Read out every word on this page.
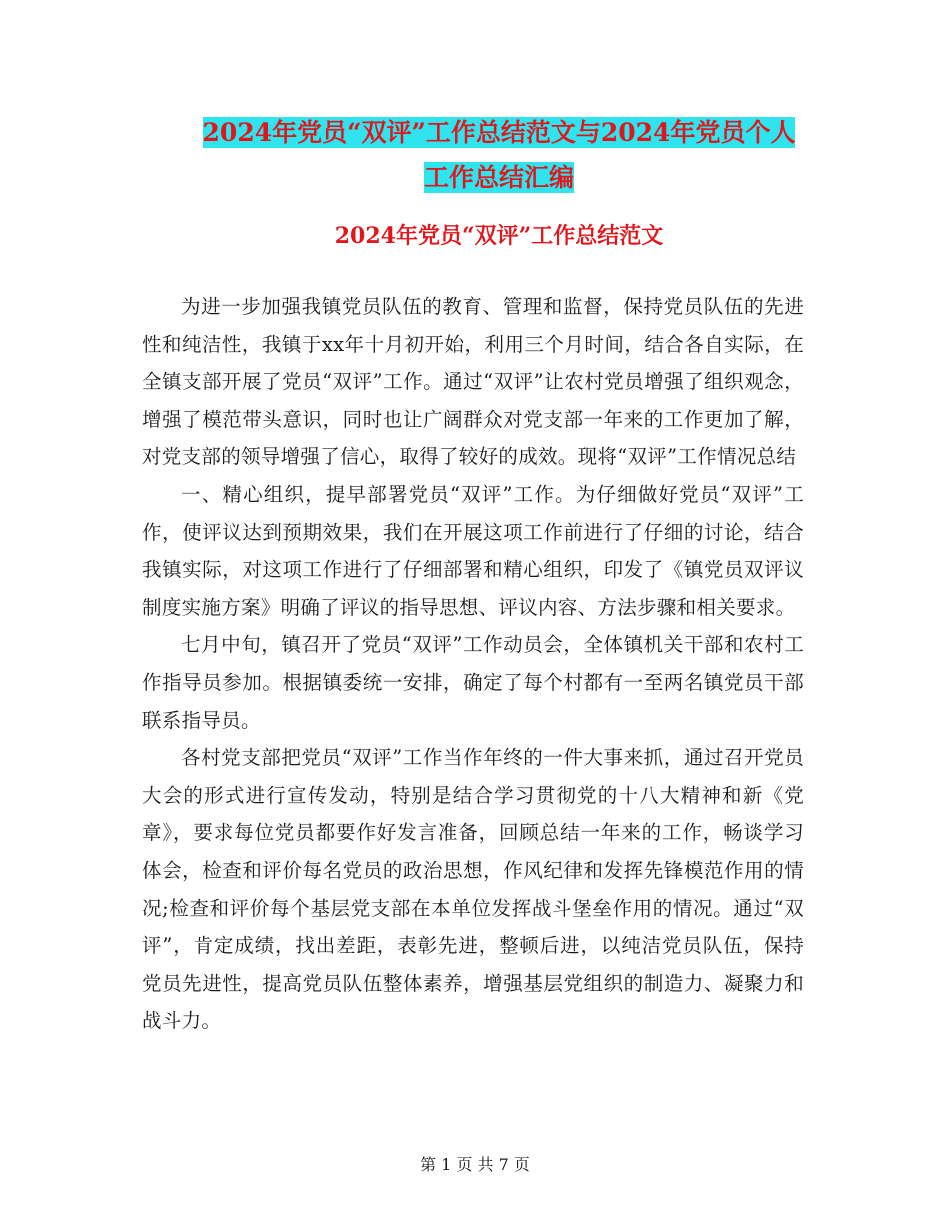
2024年党员“双评”工作总结范文与2024年党员个人
工作总结汇编
2024年党员“双评”工作总结范文

为进一步加强我镇党员队伍的教育、管理和监督，保持党员队伍的先进性和纯洁性，我镇于xx年十月初开始，利用三个月时间，结合各自实际，在全镇支部开展了党员“双评”工作。通过“双评”让农村党员增强了组织观念，增强了模范带头意识，同时也让广阔群众对党支部一年来的工作更加了解，对党支部的领导增强了信心，取得了较好的成效。现将“双评”工作情况总结

一、精心组织，提早部署党员“双评”工作。为仔细做好党员“双评”工作，使评议达到预期效果，我们在开展这项工作前进行了仔细的讨论，结合我镇实际，对这项工作进行了仔细部署和精心组织，印发了《镇党员双评议制度实施方案》明确了评议的指导思想、评议内容、方法步骤和相关要求。

七月中旬，镇召开了党员“双评”工作动员会，全体镇机关干部和农村工作指导员参加。根据镇委统一安排，确定了每个村都有一至两名镇党员干部联系指导员。

各村党支部把党员“双评”工作当作年终的一件大事来抓，通过召开党员大会的形式进行宣传发动，特别是结合学习贯彻党的十八大精神和新《党章》，要求每位党员都要作好发言准备，回顾总结一年来的工作，畅谈学习体会，检查和评价每名党员的政治思想，作风纪律和发挥先锋模范作用的情况;检查和评价每个基层党支部在本单位发挥战斗堡垒作用的情况。通过“双评”，肯定成绩，找出差距，表彰先进，整顿后进，以纯洁党员队伍，保持党员先进性，提高党员队伍整体素养，增强基层党组织的制造力、凝聚力和战斗力。

第 1 页 共 7 页
